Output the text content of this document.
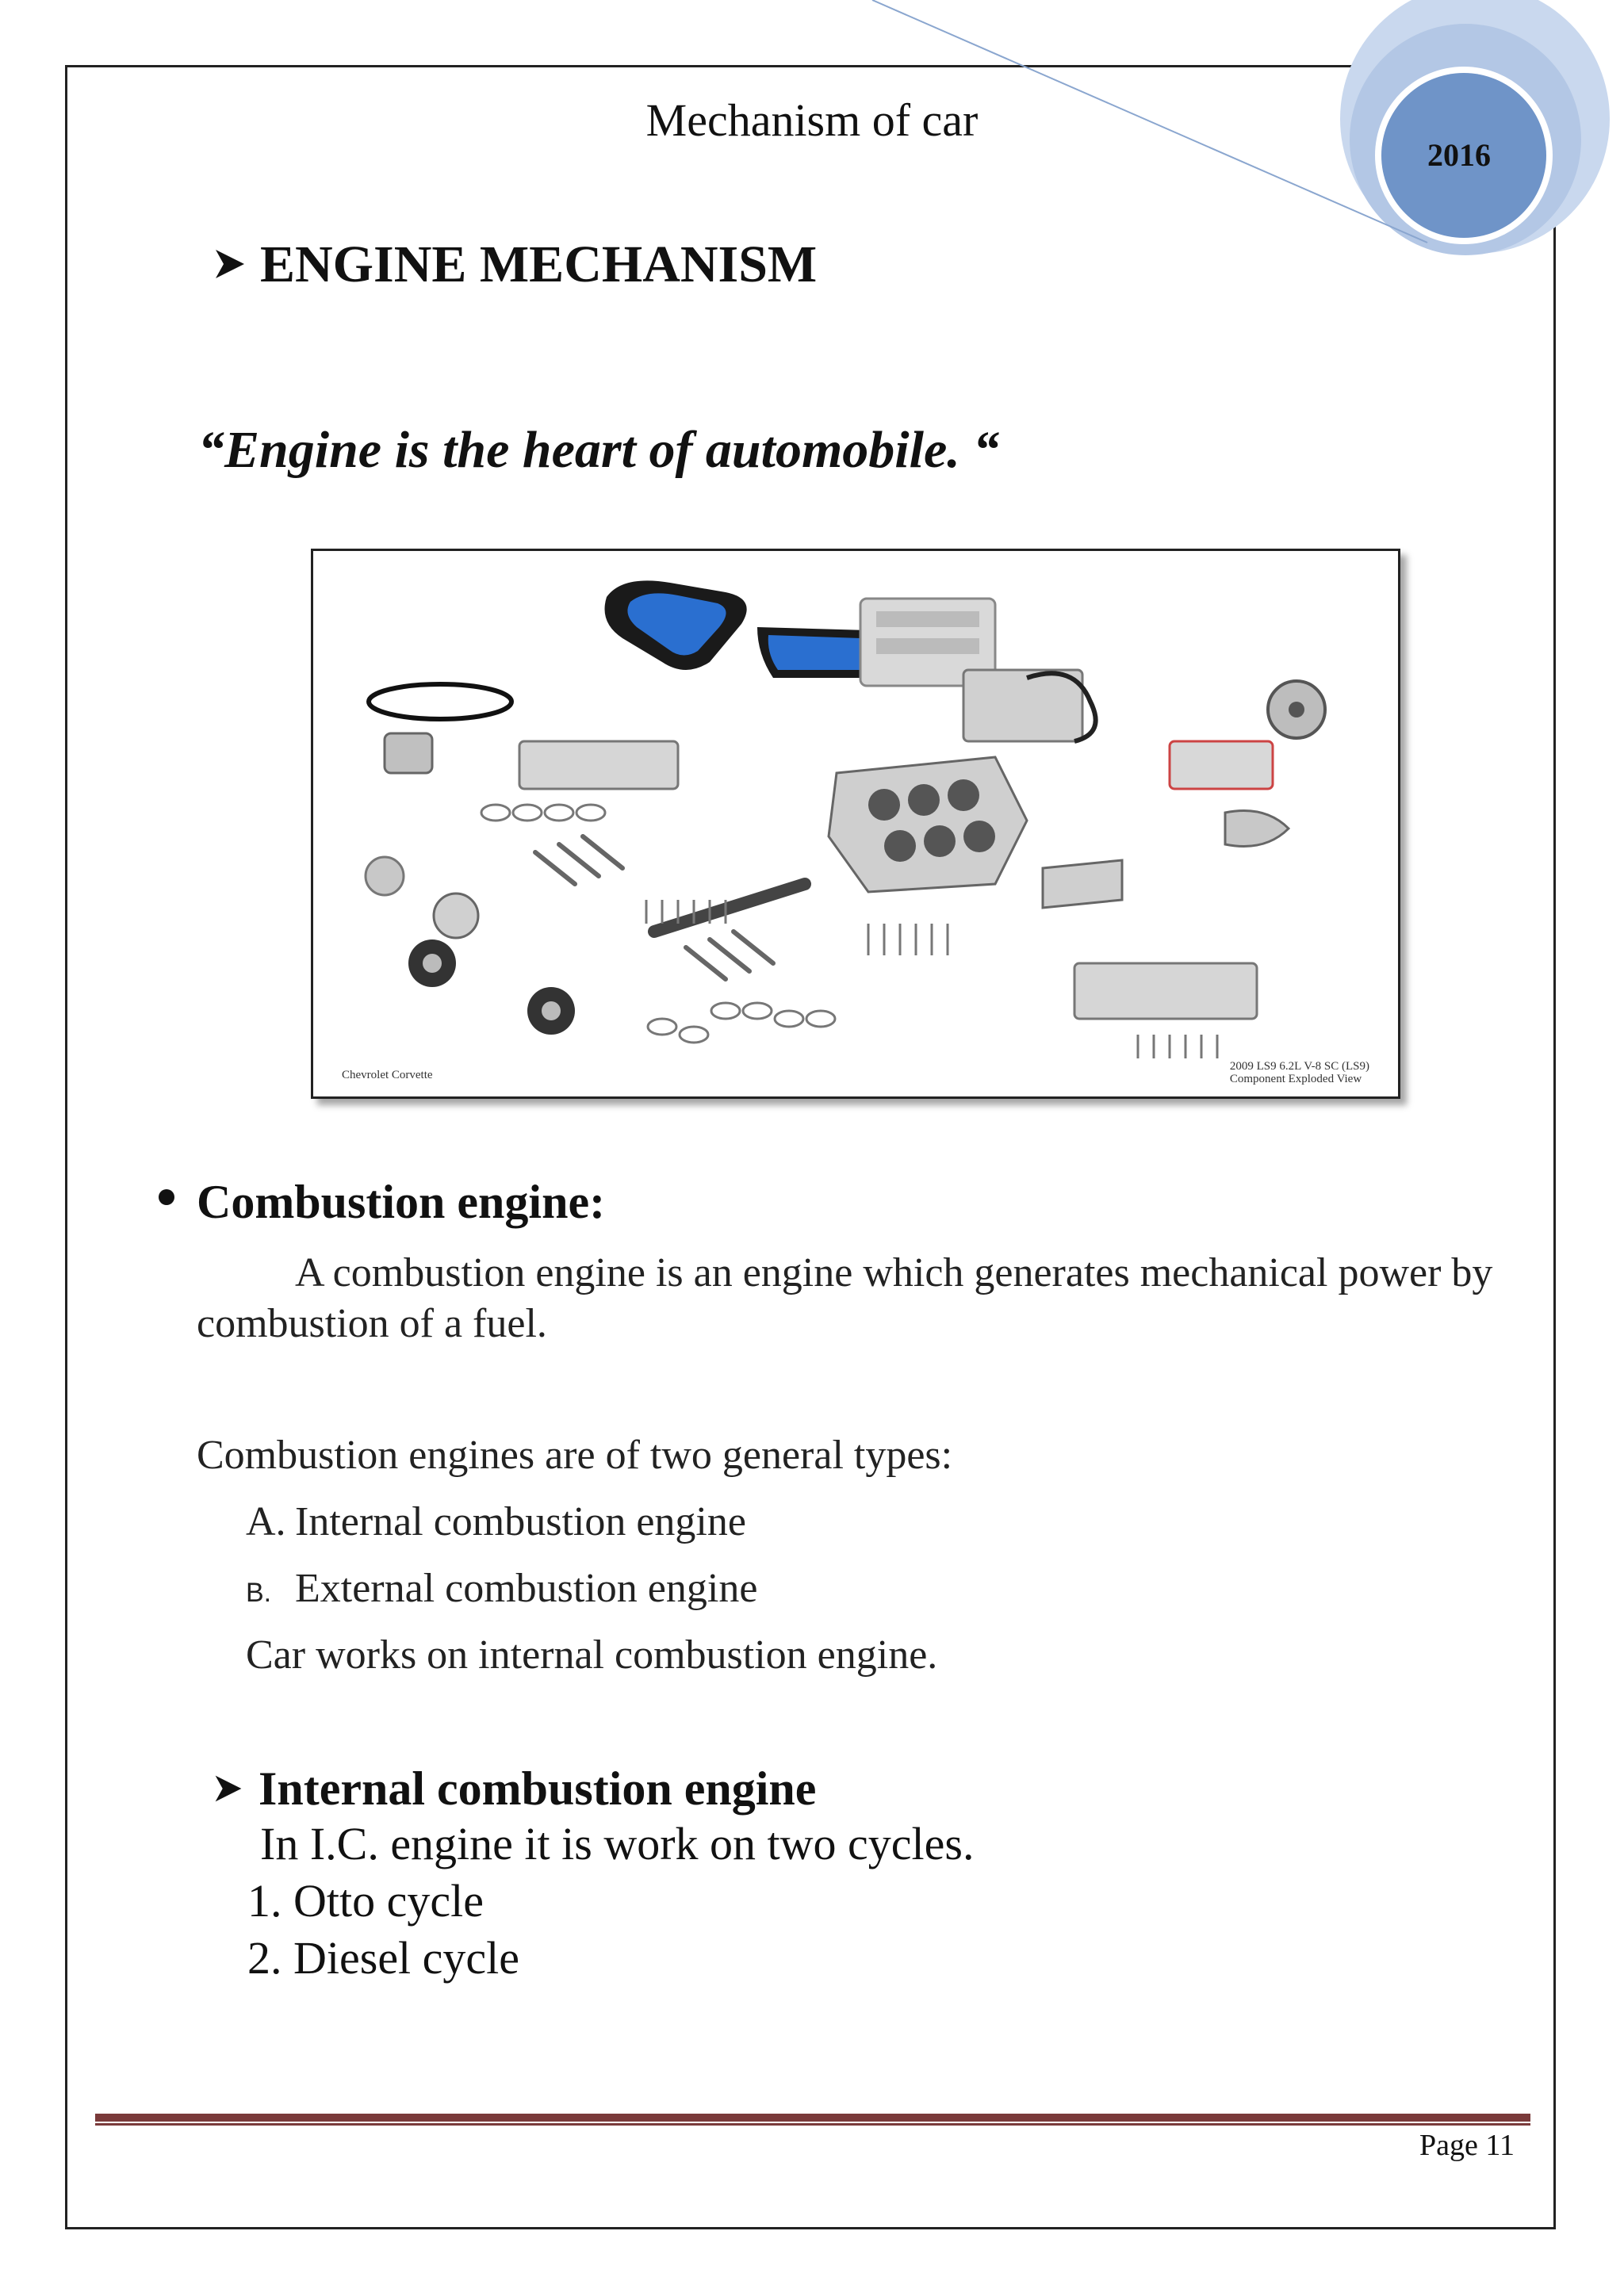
Mechanism of car
2016
ENGINE MECHANISM
“Engine is the heart of automobile. “
Chevrolet Corvette
2009 LS9 6.2L V-8 SC (LS9)
Component Exploded View
Combustion engine:
A combustion engine is an engine which generates mechanical power by combustion of a fuel.
Combustion engines are of two general types:
A. Internal combustion engine
B. External combustion engine
Car works on internal combustion engine.
Internal combustion engine
In I.C. engine it is work on two cycles.
1. Otto cycle
2. Diesel cycle
Page 11
